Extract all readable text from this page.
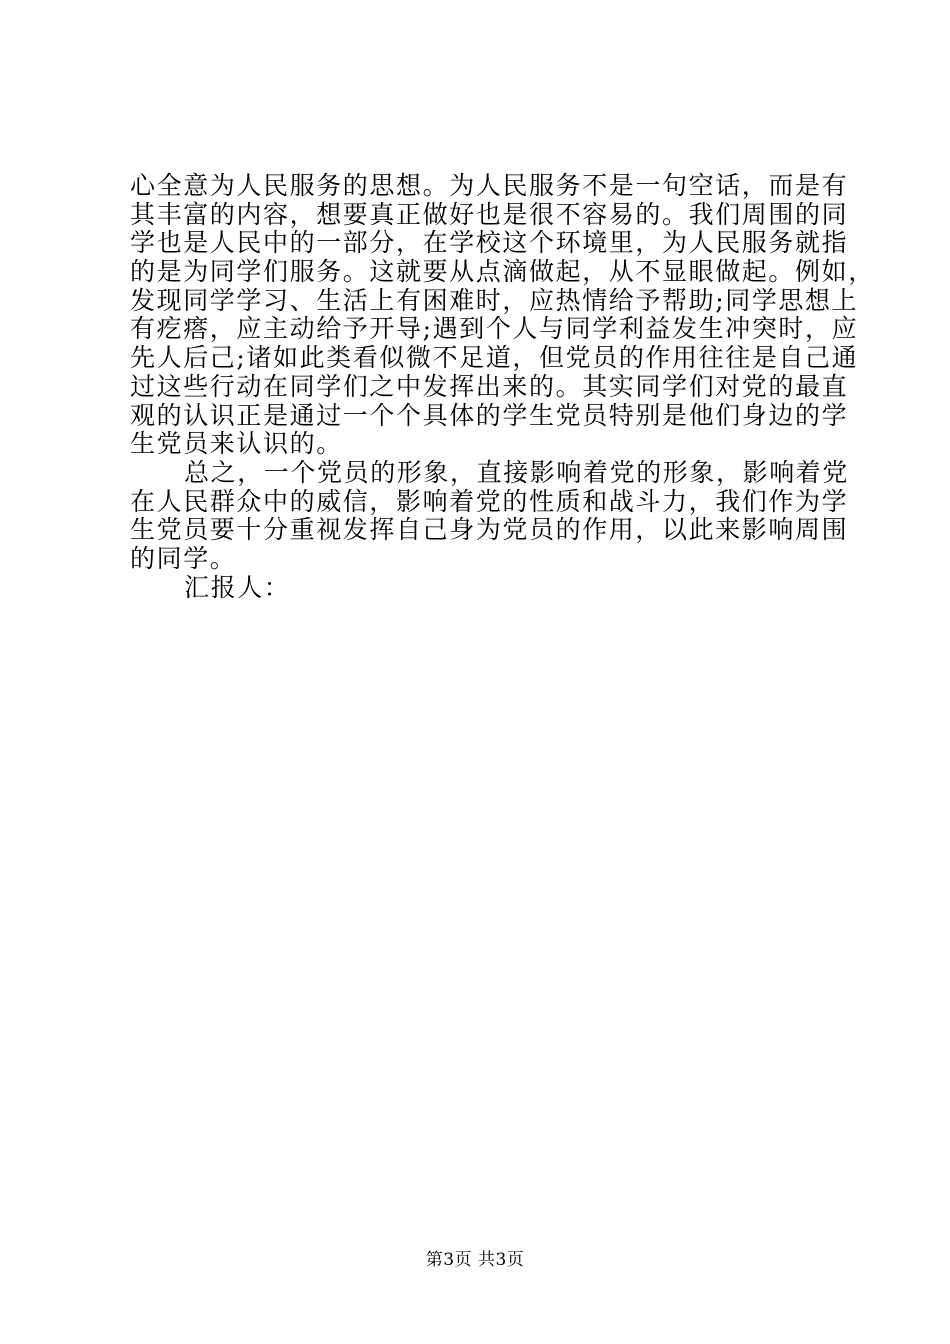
心全意为人民服务的思想。为人民服务不是一句空话，而是有
其丰富的内容，想要真正做好也是很不容易的。我们周围的同
学也是人民中的一部分，在学校这个环境里，为人民服务就指
的是为同学们服务。这就要从点滴做起，从不显眼做起。例如，
发现同学学习、生活上有困难时，应热情给予帮助;同学思想上
有疙瘩，应主动给予开导;遇到个人与同学利益发生冲突时，应
先人后己;诸如此类看似微不足道，但党员的作用往往是自己通
过这些行动在同学们之中发挥出来的。其实同学们对党的最直
观的认识正是通过一个个具体的学生党员特别是他们身边的学
生党员来认识的。
总之，一个党员的形象，直接影响着党的形象，影响着党
在人民群众中的威信，影响着党的性质和战斗力，我们作为学
生党员要十分重视发挥自己身为党员的作用，以此来影响周围
的同学。
汇报人：
第3页 共3页
